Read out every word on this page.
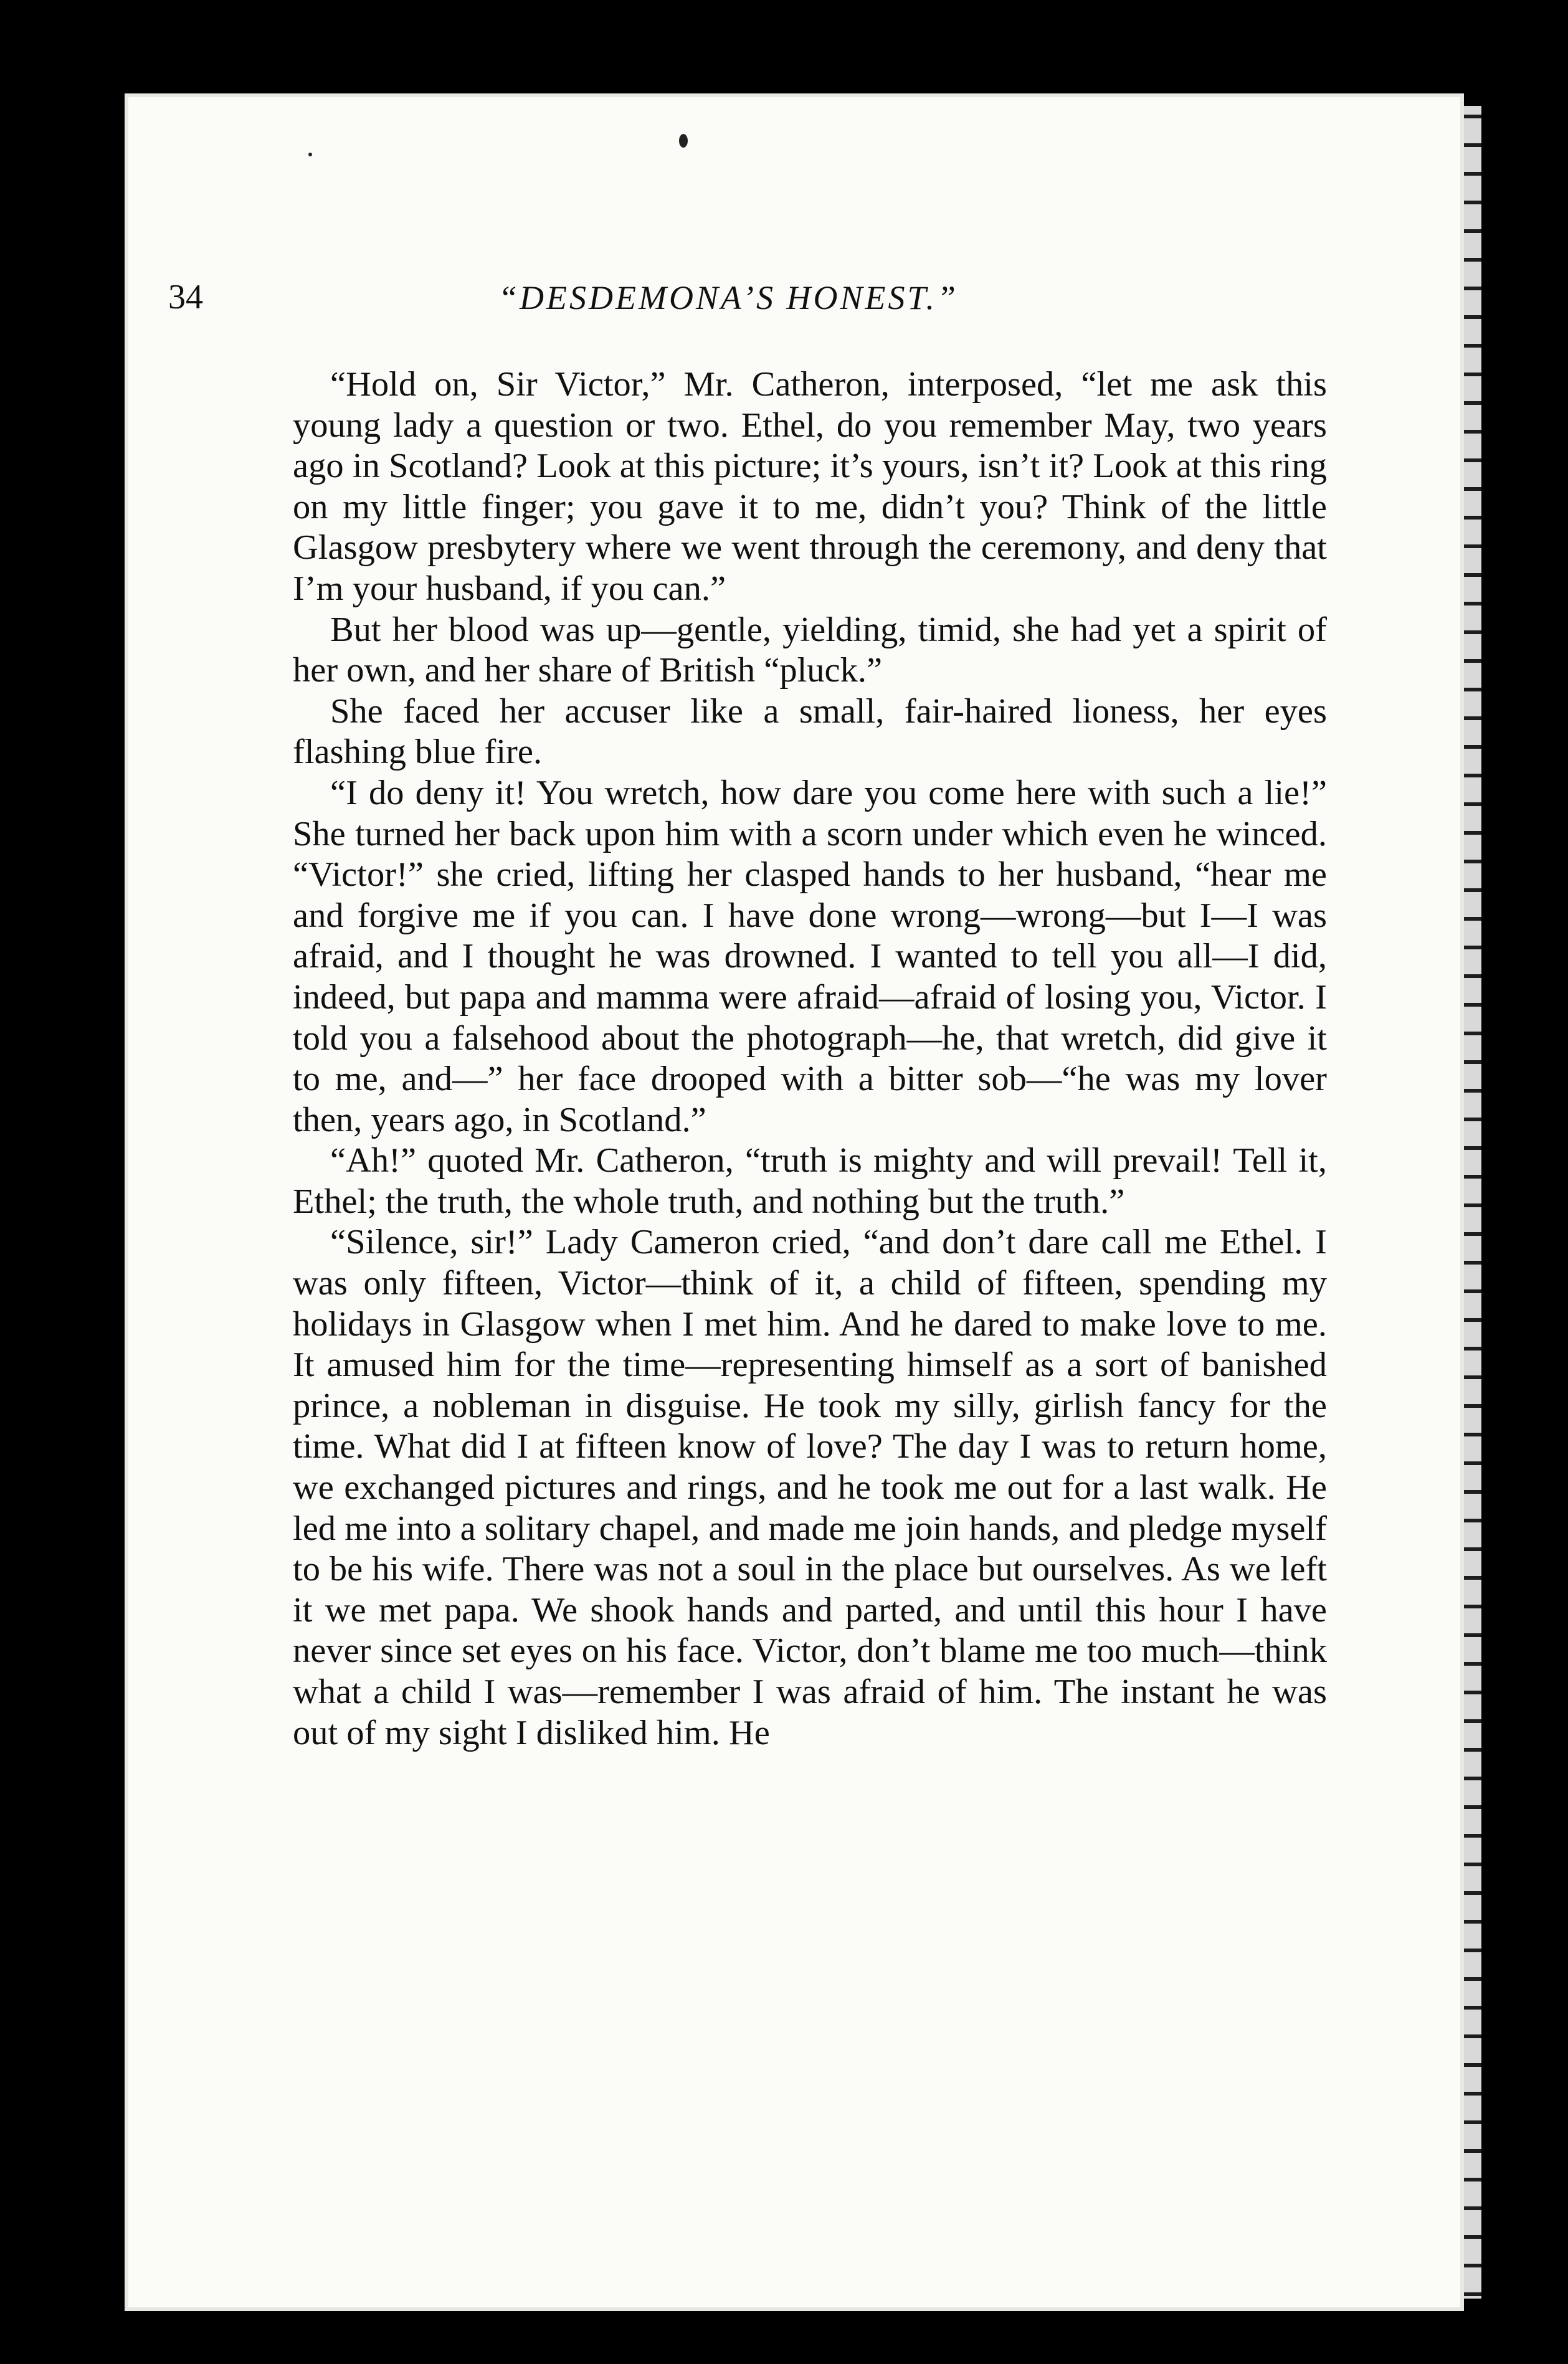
34	“DESDEMONA’S HONEST.”

“Hold on, Sir Victor,” Mr. Catheron, interposed, “let me ask this young lady a question or two. Ethel, do you remember May, two years ago in Scotland? Look at this picture; it’s yours, isn’t it? Look at this ring on my little finger; you gave it to me, didn’t you? Think of the little Glasgow presbytery where we went through the ceremony, and deny that I’m your husband, if you can.”

But her blood was up—gentle, yielding, timid, she had yet a spirit of her own, and her share of British “pluck.”

She faced her accuser like a small, fair-haired lioness, her eyes flashing blue fire.

“I do deny it! You wretch, how dare you come here with such a lie!” She turned her back upon him with a scorn under which even he winced. “Victor!” she cried, lifting her clasped hands to her husband, “hear me and forgive me if you can. I have done wrong—wrong—but I—I was afraid, and I thought he was drowned. I wanted to tell you all—I did, indeed, but papa and mamma were afraid—afraid of losing you, Victor. I told you a falsehood about the photograph—he, that wretch, did give it to me, and—” her face drooped with a bitter sob—“he was my lover then, years ago, in Scotland.”

“Ah!” quoted Mr. Catheron, “truth is mighty and will prevail! Tell it, Ethel; the truth, the whole truth, and nothing but the truth.”

“Silence, sir!” Lady Cameron cried, “and don’t dare call me Ethel. I was only fifteen, Victor—think of it, a child of fifteen, spending my holidays in Glasgow when I met him. And he dared to make love to me. It amused him for the time—representing himself as a sort of banished prince, a nobleman in disguise. He took my silly, girlish fancy for the time. What did I at fifteen know of love? The day I was to return home, we exchanged pictures and rings, and he took me out for a last walk. He led me into a solitary chapel, and made me join hands, and pledge myself to be his wife. There was not a soul in the place but ourselves. As we left it we met papa. We shook hands and parted, and until this hour I have never since set eyes on his face. Victor, don’t blame me too much—think what a child I was—remember I was afraid of him. The instant he was out of my sight I disliked him. He
